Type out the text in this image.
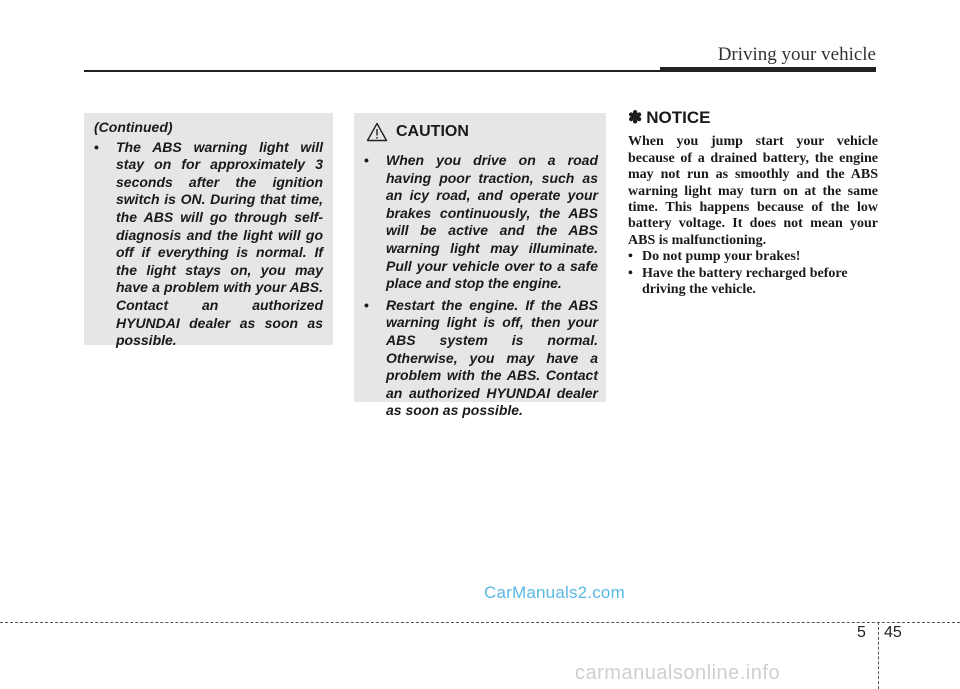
Driving your vehicle
(Continued)
• The ABS warning light will stay on for approximately 3 seconds after the ignition switch is ON. During that time, the ABS will go through self-diagnosis and the light will go off if everything is normal. If the light stays on, you may have a problem with your ABS. Contact an authorized HYUNDAI dealer as soon as possible.
CAUTION
• When you drive on a road having poor traction, such as an icy road, and operate your brakes continuously, the ABS will be active and the ABS warning light may illuminate. Pull your vehicle over to a safe place and stop the engine.
• Restart the engine. If the ABS warning light is off, then your ABS system is normal. Otherwise, you may have a problem with the ABS. Contact an authorized HYUNDAI dealer as soon as possible.
✽ NOTICE
When you jump start your vehicle because of a drained battery, the engine may not run as smoothly and the ABS warning light may turn on at the same time. This happens because of the low battery voltage. It does not mean your ABS is malfunctioning.
• Do not pump your brakes!
• Have the battery recharged before driving the vehicle.
CarManuals2.com
5 45
carmanualsonline.info
